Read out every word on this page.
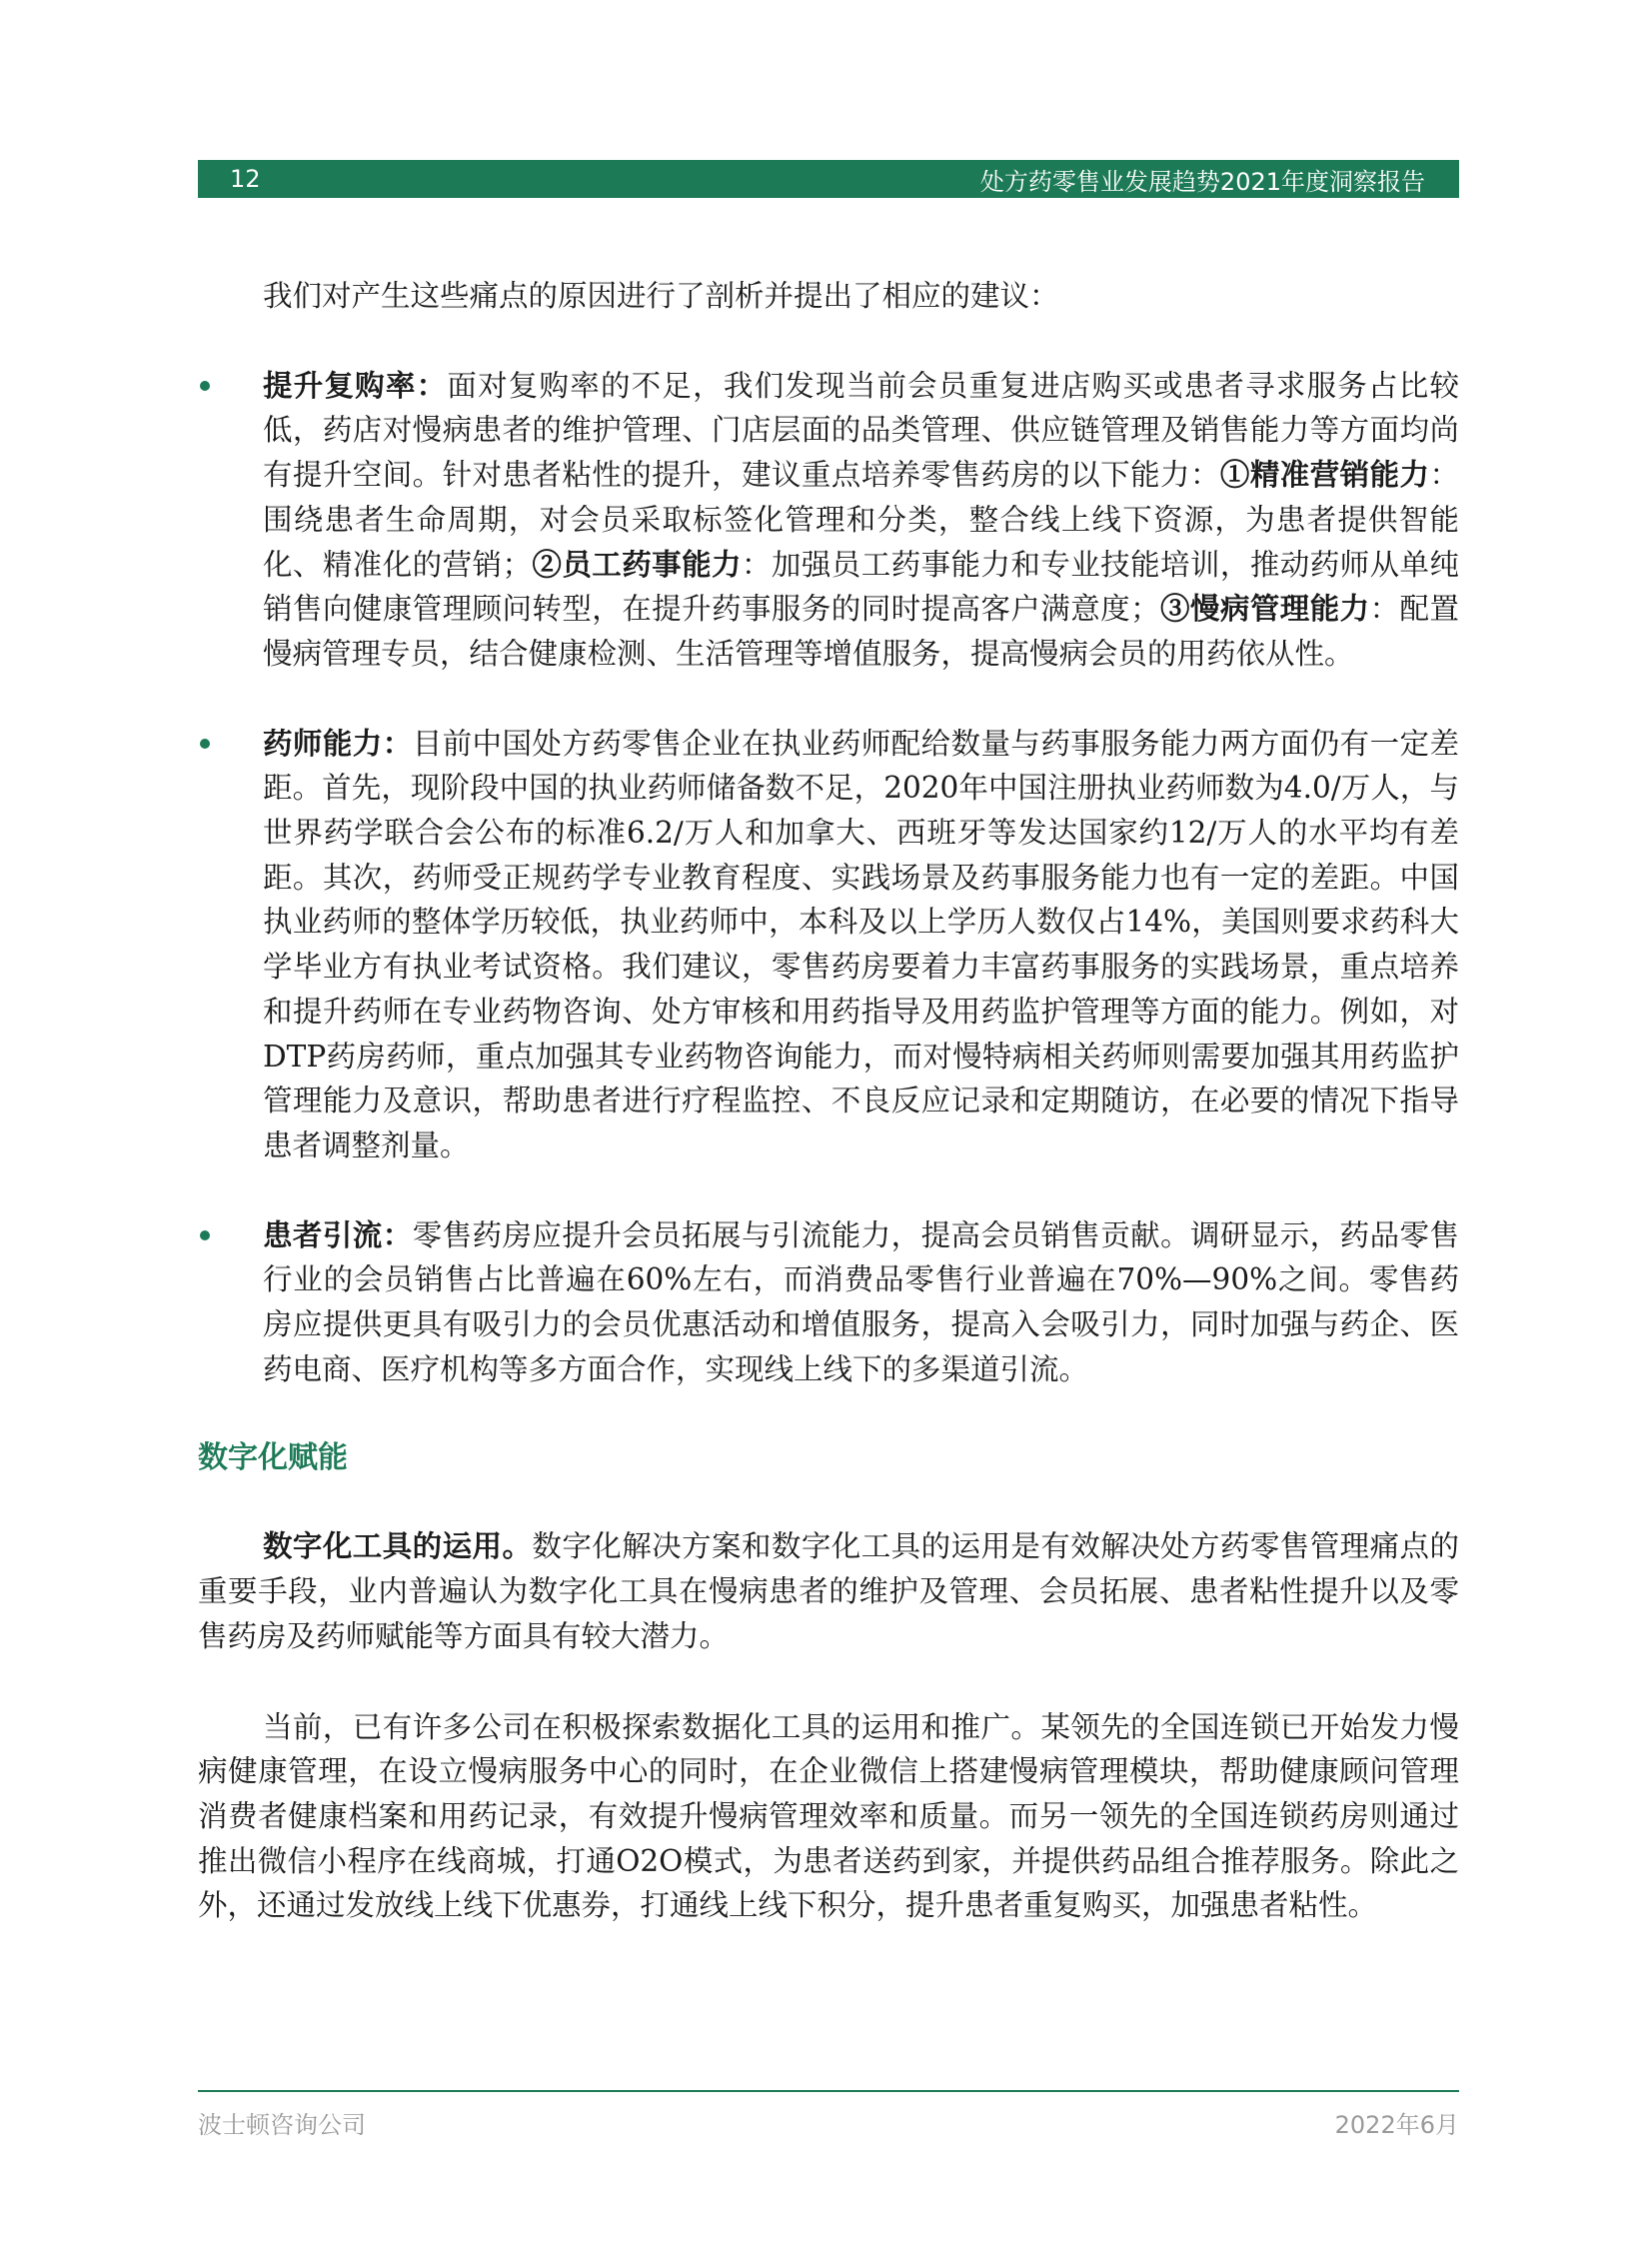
12	处方药零售业发展趋势2021年度洞察报告

我们对产生这些痛点的原因进行了剖析并提出了相应的建议：

提升复购率：面对复购率的不足，我们发现当前会员重复进店购买或患者寻求服务占比较低，药店对慢病患者的维护管理、门店层面的品类管理、供应链管理及销售能力等方面均尚有提升空间。针对患者粘性的提升，建议重点培养零售药房的以下能力：①精准营销能力：围绕患者生命周期，对会员采取标签化管理和分类，整合线上线下资源，为患者提供智能化、精准化的营销；②员工药事能力：加强员工药事能力和专业技能培训，推动药师从单纯销售向健康管理顾问转型，在提升药事服务的同时提高客户满意度；③慢病管理能力：配置慢病管理专员，结合健康检测、生活管理等增值服务，提高慢病会员的用药依从性。

药师能力：目前中国处方药零售企业在执业药师配给数量与药事服务能力两方面仍有一定差距。首先，现阶段中国的执业药师储备数不足，2020年中国注册执业药师数为4.0/万人，与世界药学联合会公布的标准6.2/万人和加拿大、西班牙等发达国家约12/万人的水平均有差距。其次，药师受正规药学专业教育程度、实践场景及药事服务能力也有一定的差距。中国执业药师的整体学历较低，执业药师中，本科及以上学历人数仅占14%，美国则要求药科大学毕业方有执业考试资格。我们建议，零售药房要着力丰富药事服务的实践场景，重点培养和提升药师在专业药物咨询、处方审核和用药指导及用药监护管理等方面的能力。例如，对DTP药房药师，重点加强其专业药物咨询能力，而对慢特病相关药师则需要加强其用药监护管理能力及意识，帮助患者进行疗程监控、不良反应记录和定期随访，在必要的情况下指导患者调整剂量。

患者引流：零售药房应提升会员拓展与引流能力，提高会员销售贡献。调研显示，药品零售行业的会员销售占比普遍在60%左右，而消费品零售行业普遍在70%—90%之间。零售药房应提供更具有吸引力的会员优惠活动和增值服务，提高入会吸引力，同时加强与药企、医药电商、医疗机构等多方面合作，实现线上线下的多渠道引流。

数字化赋能

数字化工具的运用。数字化解决方案和数字化工具的运用是有效解决处方药零售管理痛点的重要手段，业内普遍认为数字化工具在慢病患者的维护及管理、会员拓展、患者粘性提升以及零售药房及药师赋能等方面具有较大潜力。

当前，已有许多公司在积极探索数据化工具的运用和推广。某领先的全国连锁已开始发力慢病健康管理，在设立慢病服务中心的同时，在企业微信上搭建慢病管理模块，帮助健康顾问管理消费者健康档案和用药记录，有效提升慢病管理效率和质量。而另一领先的全国连锁药房则通过推出微信小程序在线商城，打通O2O模式，为患者送药到家，并提供药品组合推荐服务。除此之外，还通过发放线上线下优惠券，打通线上线下积分，提升患者重复购买，加强患者粘性。

波士顿咨询公司	2022年6月
